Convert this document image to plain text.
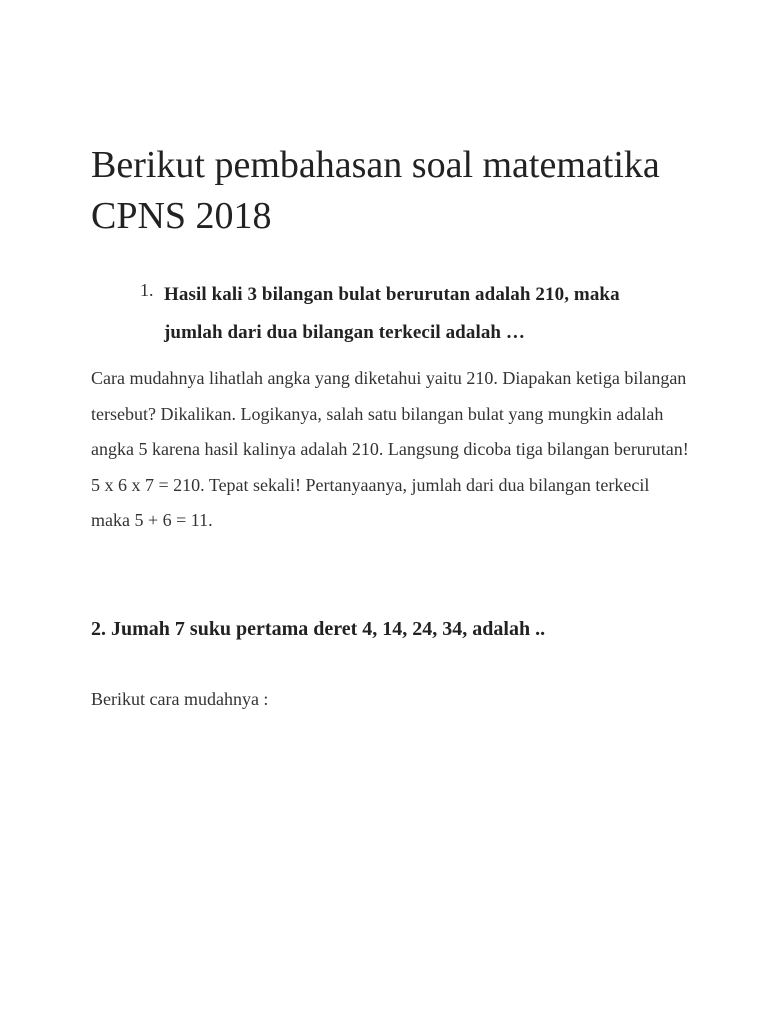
Berikut pembahasan soal matematika CPNS 2018
1. Hasil kali 3 bilangan bulat berurutan adalah 210, maka jumlah dari dua bilangan terkecil adalah …

Cara mudahnya lihatlah angka yang diketahui yaitu 210. Diapakan ketiga bilangan tersebut? Dikalikan. Logikanya, salah satu bilangan bulat yang mungkin adalah angka 5 karena hasil kalinya adalah 210. Langsung dicoba tiga bilangan berurutan! 5 x 6 x 7 = 210. Tepat sekali! Pertanyaanya, jumlah dari dua bilangan terkecil maka 5 + 6 = 11.

2. Jumah 7 suku pertama deret 4, 14, 24, 34, adalah ..

Berikut cara mudahnya :
